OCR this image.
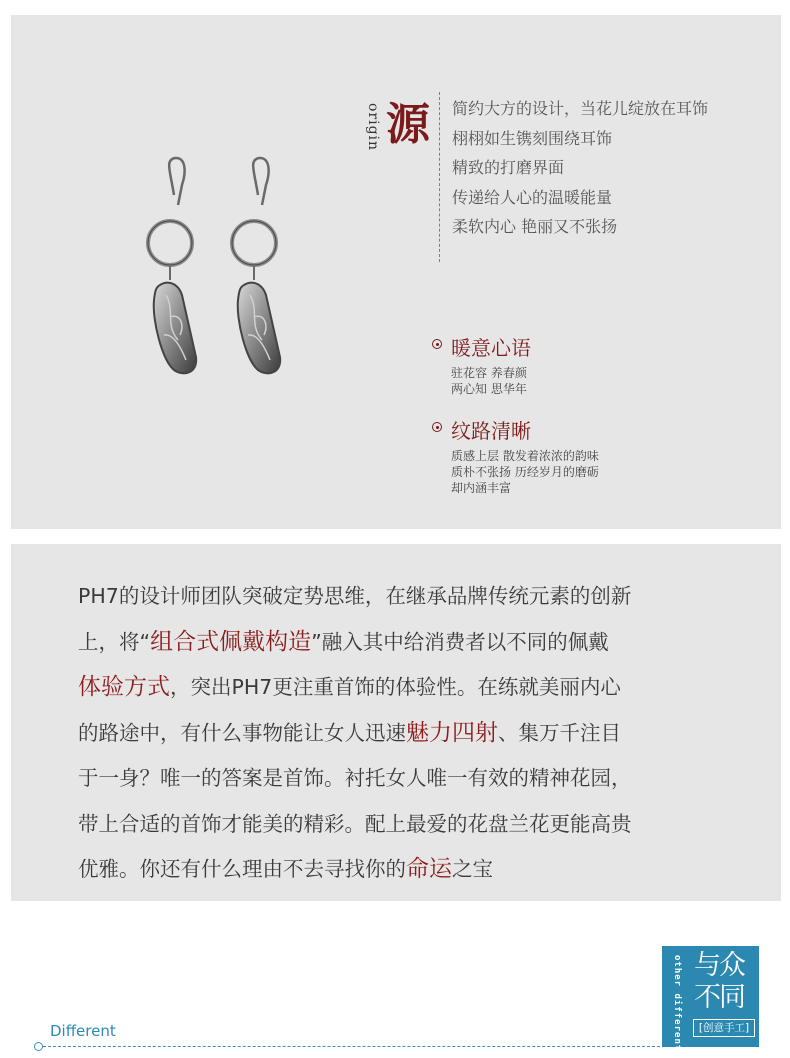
origin 源 简约大方的设计，当花儿绽放在耳饰
栩栩如生镌刻围绕耳饰
精致的打磨界面
传递给人心的温暖能量
柔软内心 艳丽又不张扬
暖意心语
驻花容 养春颜
两心知 思华年
纹路清晰
质感上层 散发着浓浓的韵味
质朴不张扬 历经岁月的磨砺
却内涵丰富
PH7的设计师团队突破定势思维，在继承品牌传统元素的创新
上，将“组合式佩戴构造”融入其中给消费者以不同的佩戴
体验方式，突出PH7更注重首饰的体验性。在练就美丽内心
的路途中，有什么事物能让女人迅速魅力四射、集万千注目
于一身？唯一的答案是首饰。衬托女人唯一有效的精神花园，
带上合适的首饰才能美的精彩。配上最爱的花盘兰花更能高贵
优雅。你还有什么理由不去寻找你的命运之宝
Different	other different 与众
不同
[创意手工]
